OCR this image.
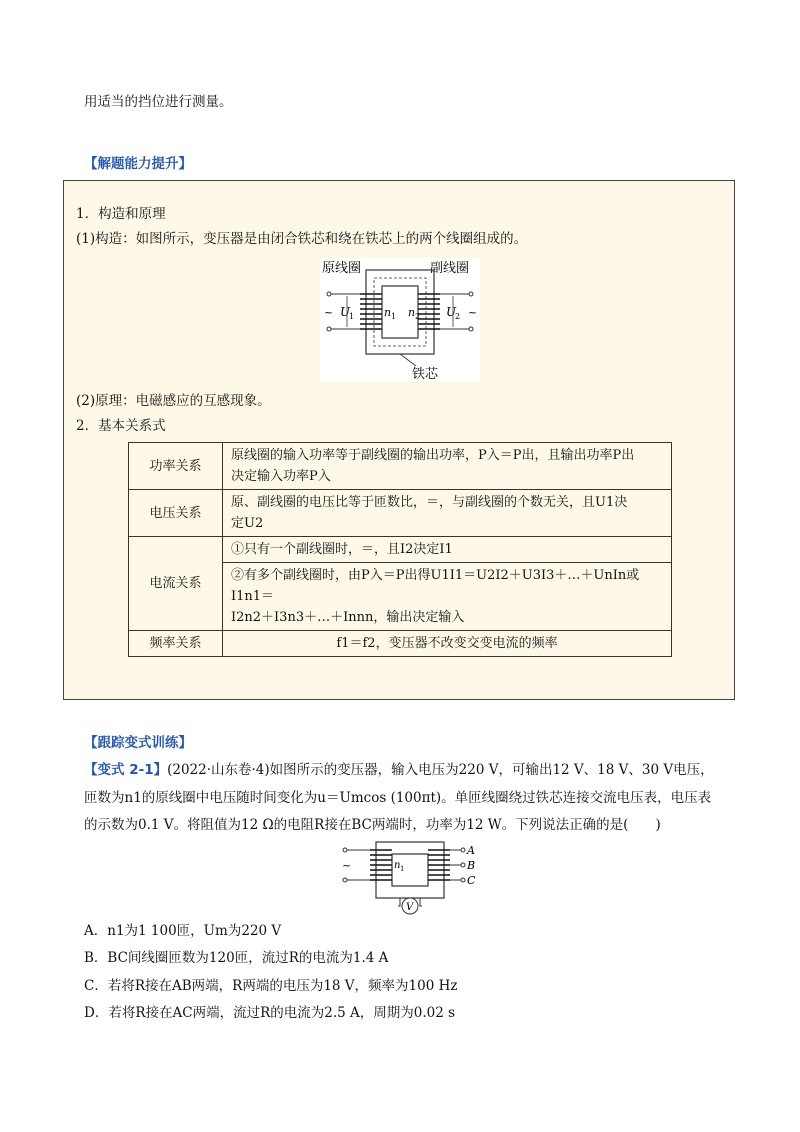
用适当的挡位进行测量。
【解题能力提升】
1．构造和原理
(1)构造：如图所示，变压器是由闭合铁芯和绕在铁芯上的两个线圈组成的。
原线圈	副线圈
~ U
1	n 1 n 2 U
2 ~
铁芯
(2)原理：电磁感应的互感现象。
2．基本关系式
功率关系	原线圈的输入功率等于副线圈的输出功率，P入＝P出，且输出功率P出
决定输入功率P入

电压关系	原、副线圈的电压比等于匝数比，＝，与副线圈的个数无关，且U1决
定U2

电流关系	①只有一个副线圈时，＝，且I2决定I1

	②有多个副线圈时，由P入＝P出得U1I1＝U2I2＋U3I3＋…＋UnIn或I1n1＝
I2n2＋I3n3＋…＋Innn，输出决定输入

频率关系	f1＝f2，变压器不改变交变电流的频率
【跟踪变式训练】
【变式 2-1】(2022·山东卷·4)如图所示的变压器，输入电压为220 V，可输出12 V、18 V、30 V电压，
匝数为n1的原线圈中电压随时间变化为u＝Umcos (100πt)。单匝线圈绕过铁芯连接交流电压表，电压表
的示数为0.1 V。将阻值为12 Ω的电阻R接在BC两端时，功率为12 W。下列说法正确的是(　　)
V
~	n 1
A
B
C
A．n1为1 100匝，Um为220 V
B．BC间线圈匝数为120匝，流过R的电流为1.4 A
C．若将R接在AB两端，R两端的电压为18 V，频率为100 Hz
D．若将R接在AC两端，流过R的电流为2.5 A，周期为0.02 s
